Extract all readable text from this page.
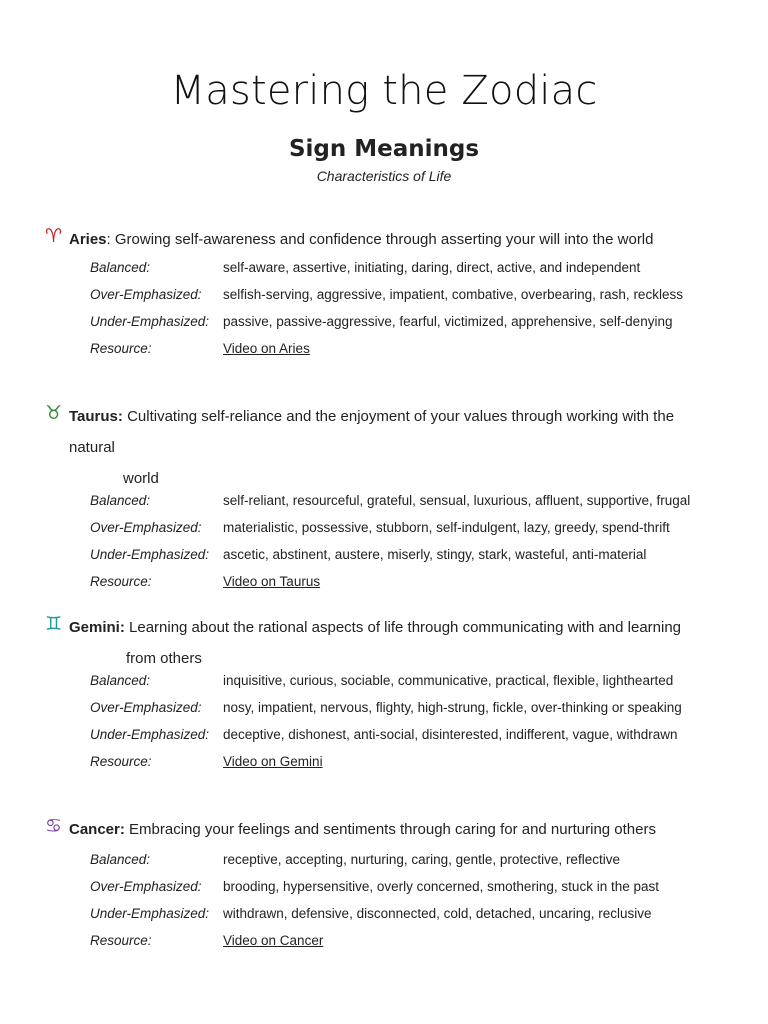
Mastering the Zodiac
Sign Meanings
Characteristics of Life
♈ Aries: Growing self-awareness and confidence through asserting your will into the world
Balanced:	self-aware, assertive, initiating, daring, direct, active, and independent
Over-Emphasized: selfish-serving, aggressive, impatient, combative, overbearing, rash, reckless
Under-Emphasized: passive, passive-aggressive, fearful, victimized, apprehensive, self-denying
Resource:	Video on Aries
♉ Taurus: Cultivating self-reliance and the enjoyment of your values through working with the natural
world
Balanced:	self-reliant, resourceful, grateful, sensual, luxurious, affluent, supportive, frugal
Over-Emphasized: materialistic, possessive, stubborn, self-indulgent, lazy, greedy, spend-thrift
Under-Emphasized: ascetic, abstinent, austere, miserly, stingy, stark, wasteful, anti-material
Resource:	Video on Taurus
♊ Gemini: Learning about the rational aspects of life through communicating with and learning
from others
Balanced:	inquisitive, curious, sociable, communicative, practical, flexible, lighthearted
Over-Emphasized: nosy, impatient, nervous, flighty, high-strung, fickle, over-thinking or speaking
Under-Emphasized: deceptive, dishonest, anti-social, disinterested, indifferent, vague, withdrawn
Resource:	Video on Gemini
♋ Cancer: Embracing your feelings and sentiments through caring for and nurturing others
Balanced:	receptive, accepting, nurturing, caring, gentle, protective, reflective
Over-Emphasized: brooding, hypersensitive, overly concerned, smothering, stuck in the past
Under-Emphasized: withdrawn, defensive, disconnected, cold, detached, uncaring, reclusive
Resource:	Video on Cancer
